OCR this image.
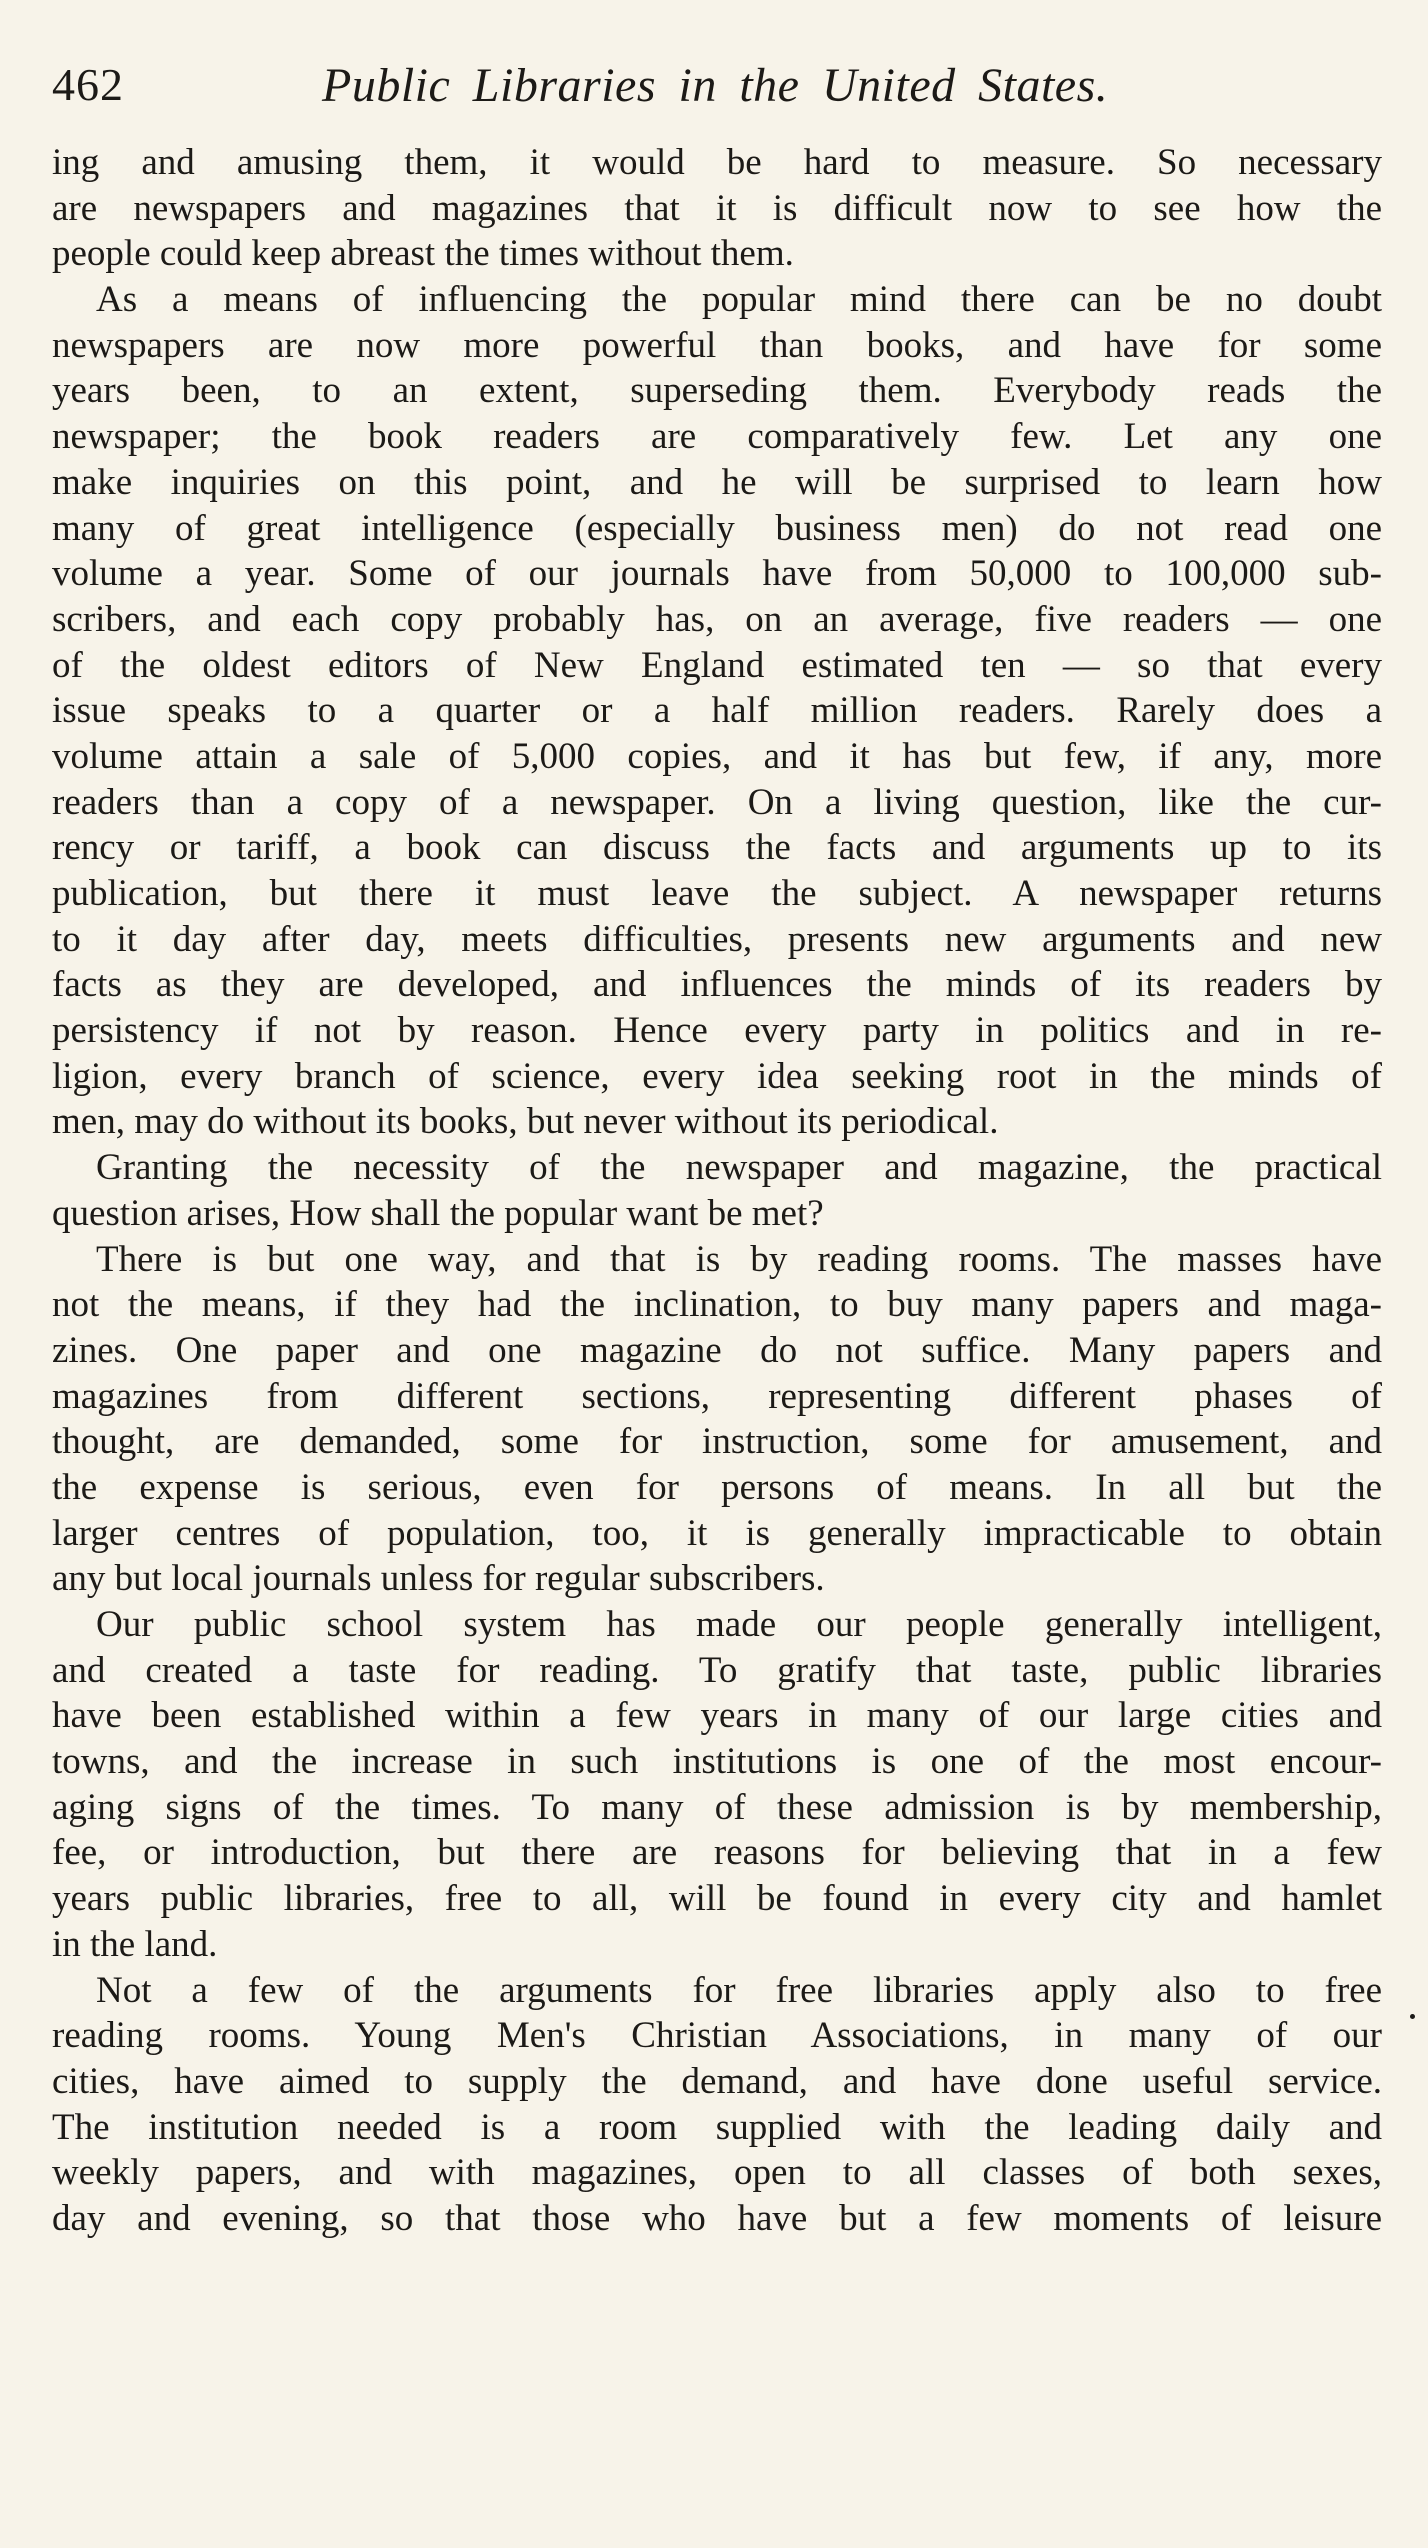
462	Public Libraries in the United States.
ing and amusing them, it would be hard to measure. So necessary
are newspapers and magazines that it is difficult now to see how the
people could keep abreast the times without them.
As a means of influencing the popular mind there can be no doubt
newspapers are now more powerful than books, and have for some
years been, to an extent, superseding them. Everybody reads the
newspaper; the book readers are comparatively few. Let any one
make inquiries on this point, and he will be surprised to learn how
many of great intelligence (especially business men) do not read one
volume a year. Some of our journals have from 50,000 to 100,000 sub-
scribers, and each copy probably has, on an average, five readers — one
of the oldest editors of New England estimated ten — so that every
issue speaks to a quarter or a half million readers. Rarely does a
volume attain a sale of 5,000 copies, and it has but few, if any, more
readers than a copy of a newspaper. On a living question, like the cur-
rency or tariff, a book can discuss the facts and arguments up to its
publication, but there it must leave the subject. A newspaper returns
to it day after day, meets difficulties, presents new arguments and new
facts as they are developed, and influences the minds of its readers by
persistency if not by reason. Hence every party in politics and in re-
ligion, every branch of science, every idea seeking root in the minds of
men, may do without its books, but never without its periodical.
Granting the necessity of the newspaper and magazine, the practical
question arises, How shall the popular want be met?
There is but one way, and that is by reading rooms. The masses have
not the means, if they had the inclination, to buy many papers and maga-
zines. One paper and one magazine do not suffice. Many papers and
magazines from different sections, representing different phases of
thought, are demanded, some for instruction, some for amusement, and
the expense is serious, even for persons of means. In all but the
larger centres of population, too, it is generally impracticable to obtain
any but local journals unless for regular subscribers.
Our public school system has made our people generally intelligent,
and created a taste for reading. To gratify that taste, public libraries
have been established within a few years in many of our large cities and
towns, and the increase in such institutions is one of the most encour-
aging signs of the times. To many of these admission is by membership,
fee, or introduction, but there are reasons for believing that in a few
years public libraries, free to all, will be found in every city and hamlet
in the land.
Not a few of the arguments for free libraries apply also to free
reading rooms. Young Men's Christian Associations, in many of our
cities, have aimed to supply the demand, and have done useful service.
The institution needed is a room supplied with the leading daily and
weekly papers, and with magazines, open to all classes of both sexes,
day and evening, so that those who have but a few moments of leisure
